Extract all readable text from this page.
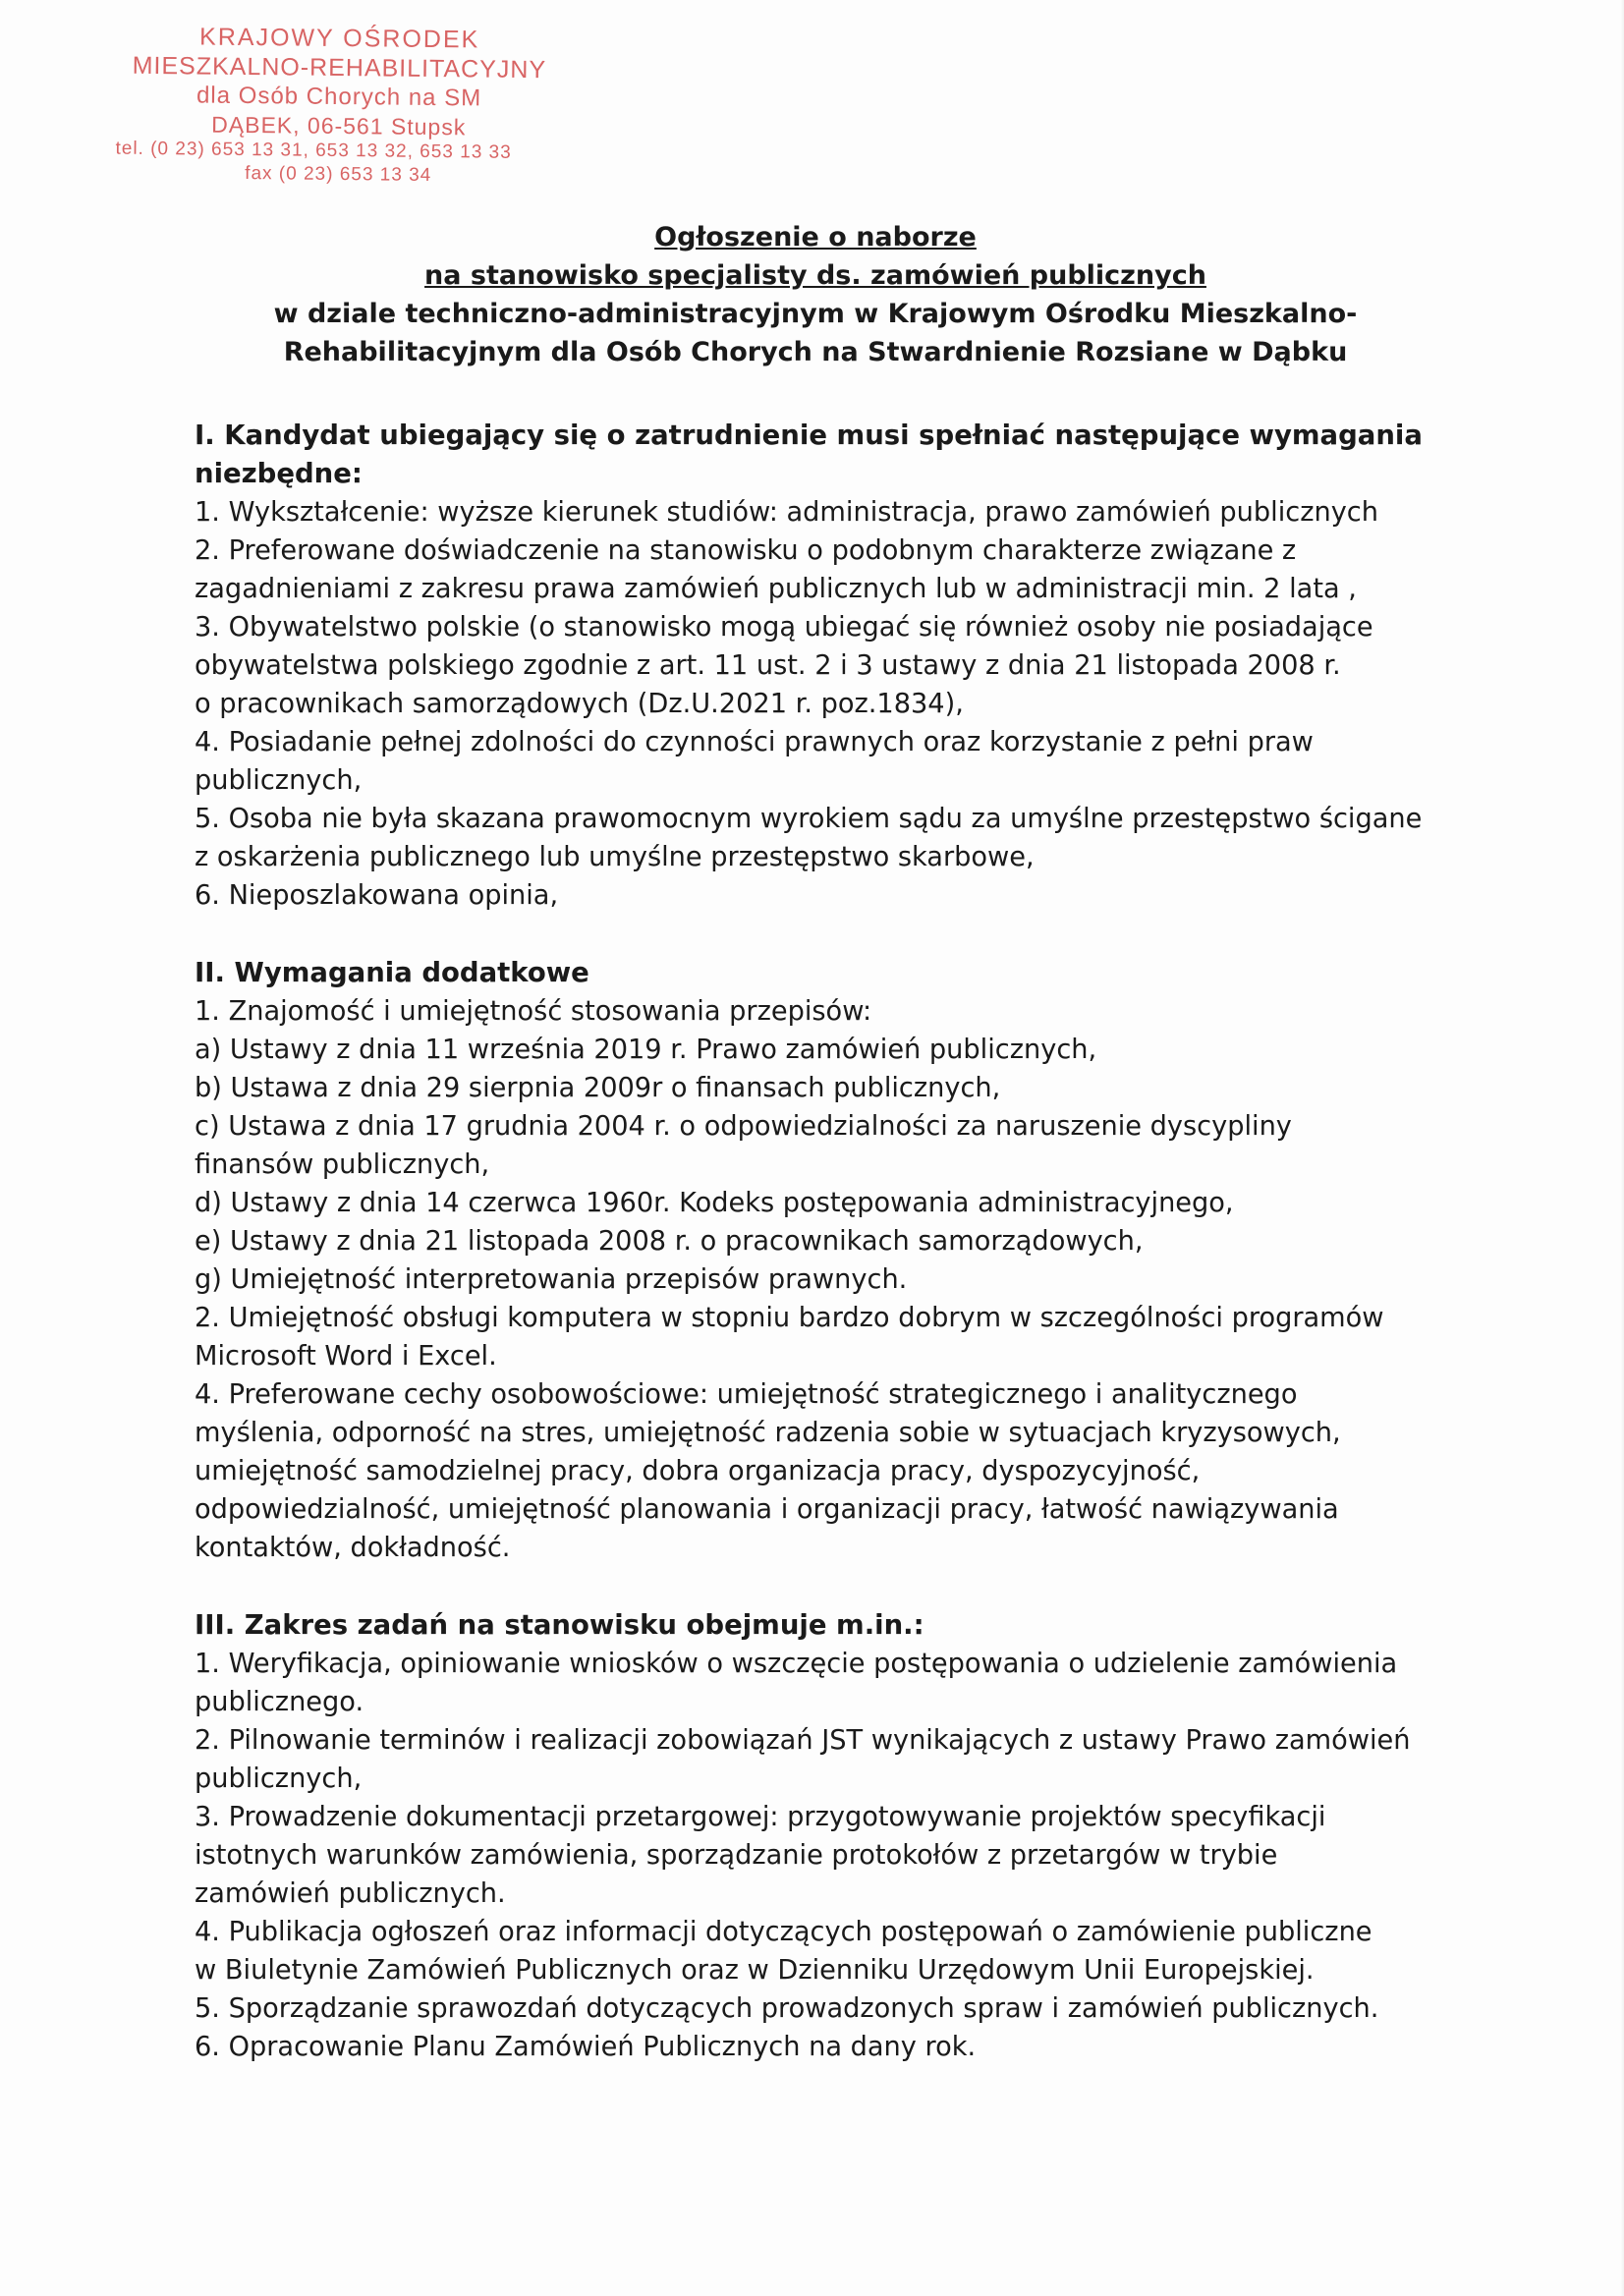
KRAJOWY OŚRODEK
MIESZKALNO-REHABILITACYJNY
dla Osób Chorych na SM
DĄBEK, 06-561 Stupsk
tel. (0 23) 653 13 31, 653 13 32, 653 13 33
fax (0 23) 653 13 34
Ogłoszenie o naborze
na stanowisko specjalisty ds. zamówień publicznych
w dziale techniczno-administracyjnym w Krajowym Ośrodku Mieszkalno-
Rehabilitacyjnym dla Osób Chorych na Stwardnienie Rozsiane w Dąbku

I. Kandydat ubiegający się o zatrudnienie musi spełniać następujące wymagania

niezbędne:

1. Wykształcenie: wyższe kierunek studiów: administracja, prawo zamówień publicznych

2. Preferowane doświadczenie na stanowisku o podobnym charakterze związane z

zagadnieniami z zakresu prawa zamówień publicznych lub w administracji min. 2 lata ,

3. Obywatelstwo polskie (o stanowisko mogą ubiegać się również osoby nie posiadające

obywatelstwa polskiego zgodnie z art. 11 ust. 2 i 3 ustawy z dnia 21 listopada 2008 r.

o pracownikach samorządowych (Dz.U.2021 r. poz.1834),

4. Posiadanie pełnej zdolności do czynności prawnych oraz korzystanie z pełni praw

publicznych,

5. Osoba nie była skazana prawomocnym wyrokiem sądu za umyślne przestępstwo ścigane

z oskarżenia publicznego lub umyślne przestępstwo skarbowe,

6. Nieposzlakowana opinia,

II. Wymagania dodatkowe

1. Znajomość i umiejętność stosowania przepisów:

a) Ustawy z dnia 11 września 2019 r. Prawo zamówień publicznych,

b) Ustawa z dnia 29 sierpnia 2009r o finansach publicznych,

c) Ustawa z dnia 17 grudnia 2004 r. o odpowiedzialności za naruszenie dyscypliny

finansów publicznych,

d) Ustawy z dnia 14 czerwca 1960r. Kodeks postępowania administracyjnego,

e) Ustawy z dnia 21 listopada 2008 r. o pracownikach samorządowych,

g) Umiejętność interpretowania przepisów prawnych.

2. Umiejętność obsługi komputera w stopniu bardzo dobrym w szczególności programów

Microsoft Word i Excel.

4. Preferowane cechy osobowościowe: umiejętność strategicznego i analitycznego

myślenia, odporność na stres, umiejętność radzenia sobie w sytuacjach kryzysowych,

umiejętność samodzielnej pracy, dobra organizacja pracy, dyspozycyjność,

odpowiedzialność, umiejętność planowania i organizacji pracy, łatwość nawiązywania

kontaktów, dokładność.

III. Zakres zadań na stanowisku obejmuje m.in.:

1. Weryfikacja, opiniowanie wniosków o wszczęcie postępowania o udzielenie zamówienia

publicznego.

2. Pilnowanie terminów i realizacji zobowiązań JST wynikających z ustawy Prawo zamówień

publicznych,

3. Prowadzenie dokumentacji przetargowej: przygotowywanie projektów specyfikacji

istotnych warunków zamówienia, sporządzanie protokołów z przetargów w trybie

zamówień publicznych.

4. Publikacja ogłoszeń oraz informacji dotyczących postępowań o zamówienie publiczne

w Biuletynie Zamówień Publicznych oraz w Dzienniku Urzędowym Unii Europejskiej.

5. Sporządzanie sprawozdań dotyczących prowadzonych spraw i zamówień publicznych.

6. Opracowanie Planu Zamówień Publicznych na dany rok.
